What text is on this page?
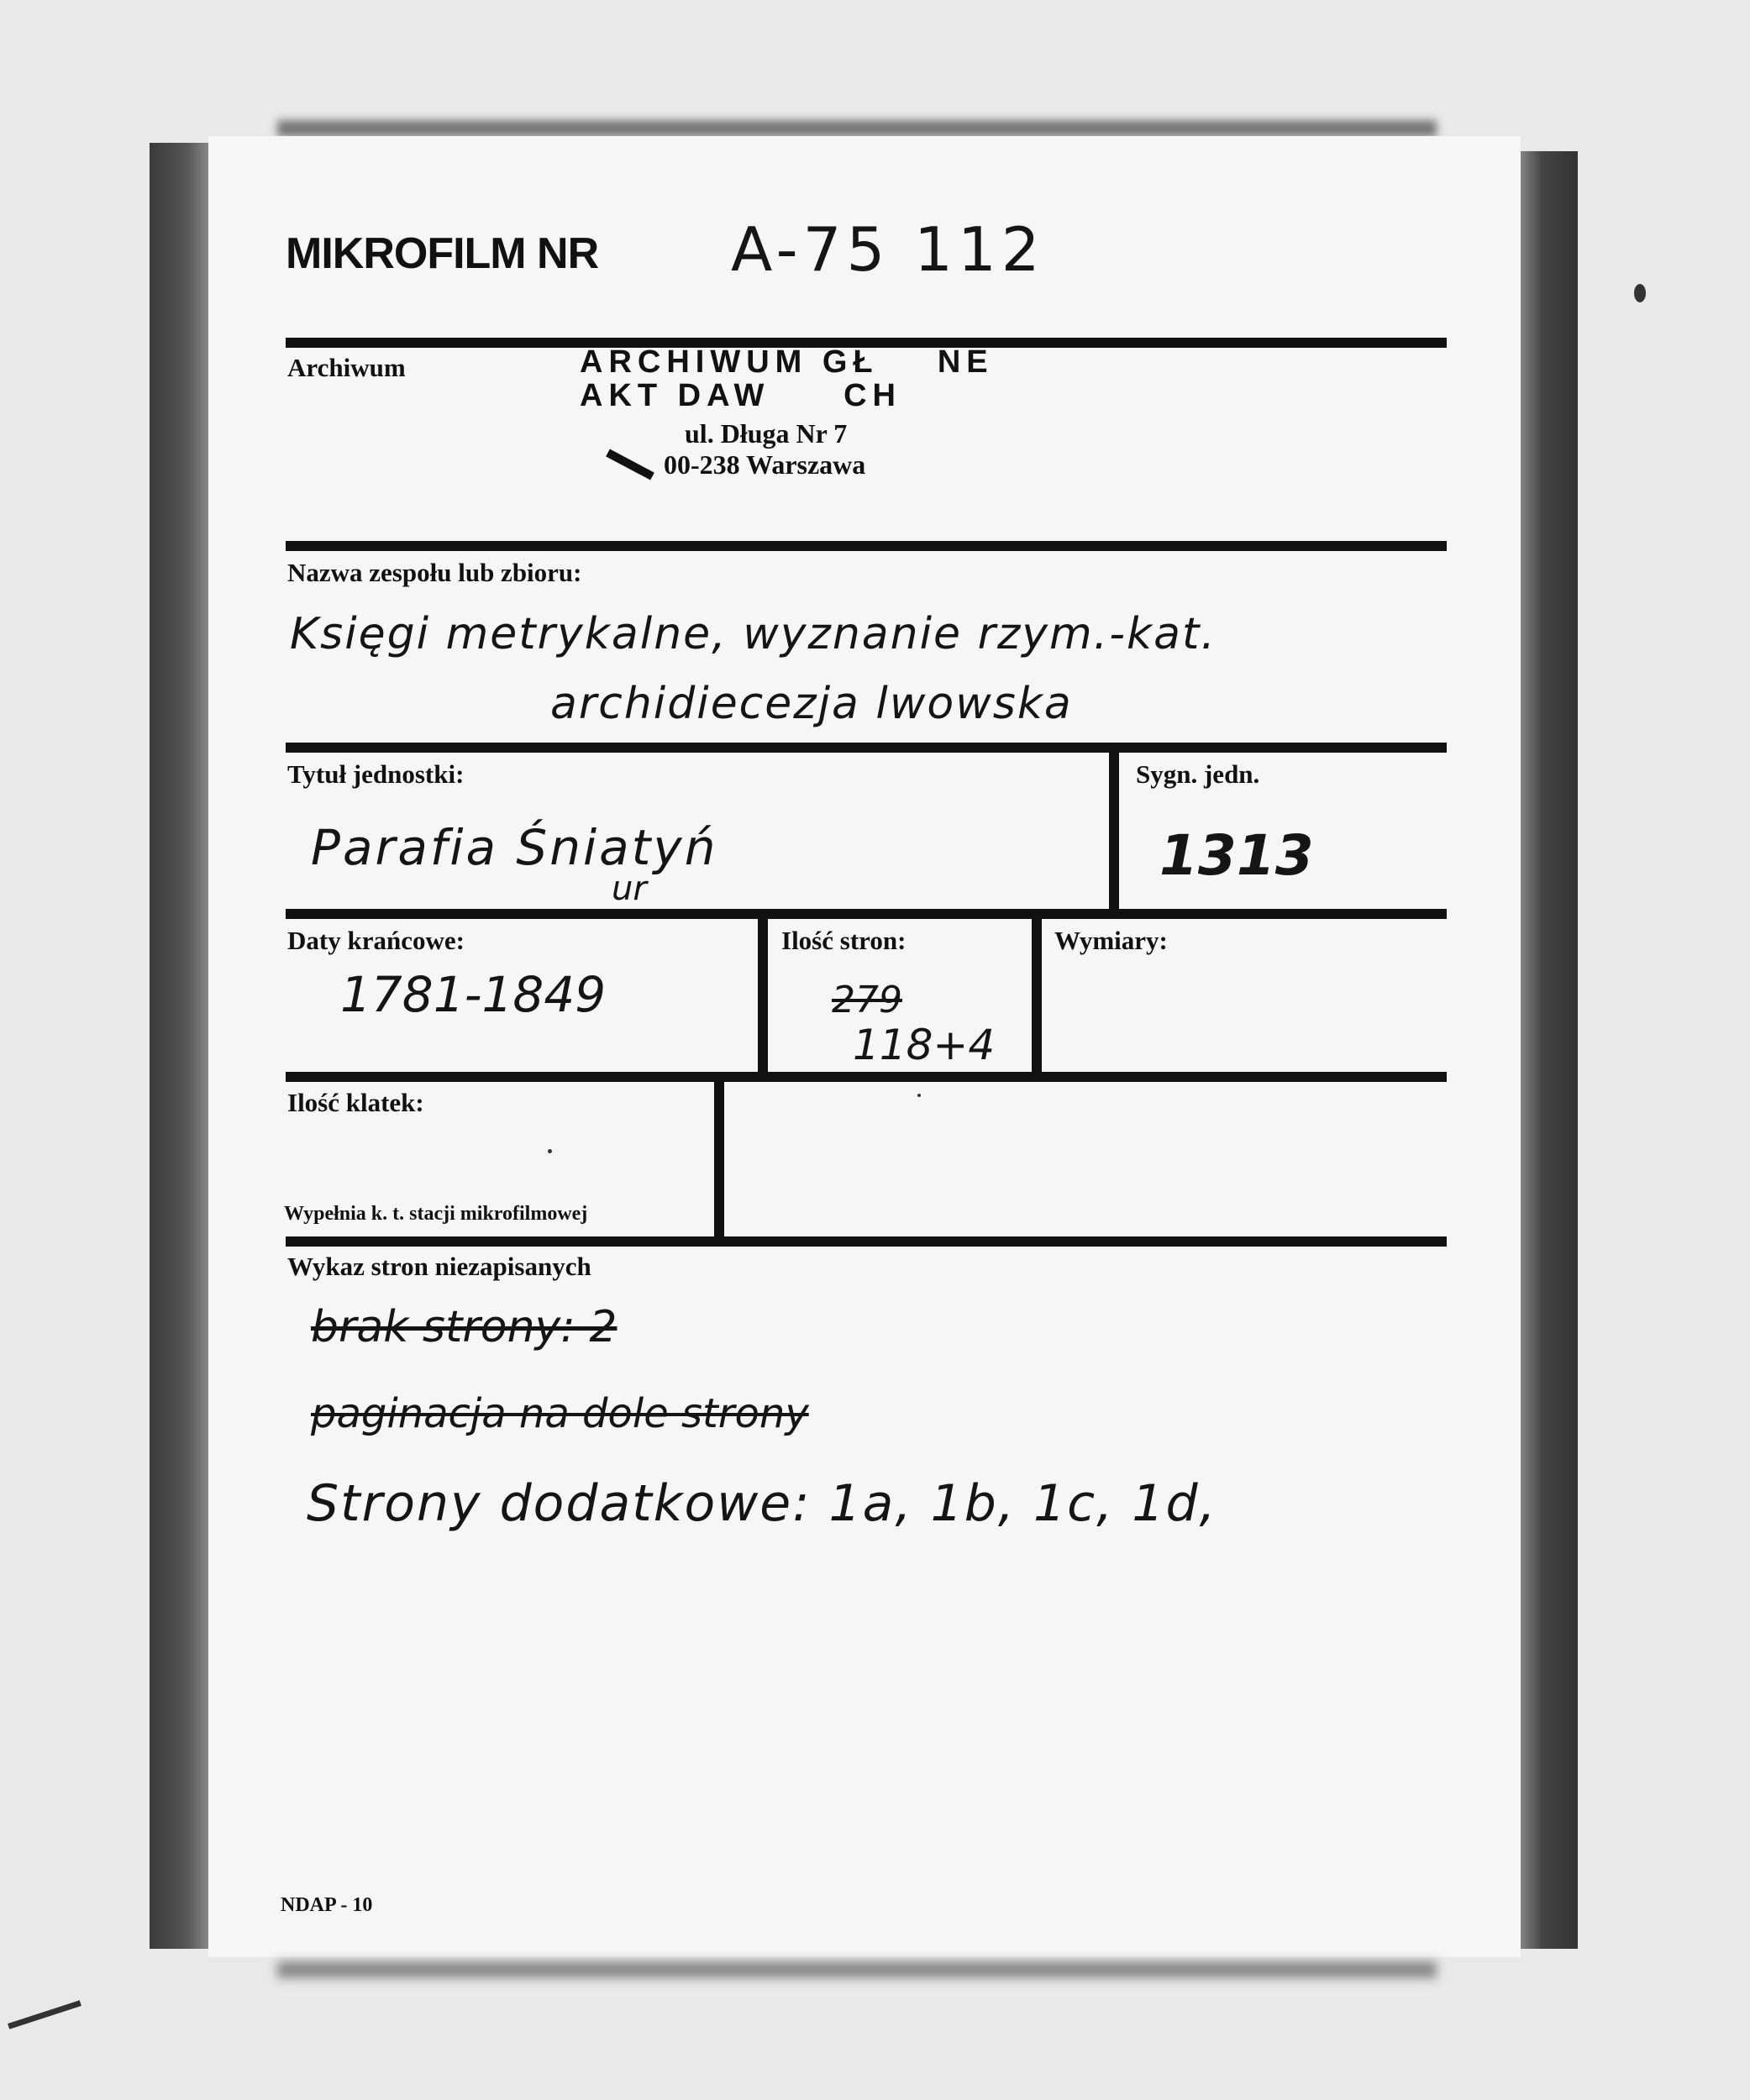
MIKROFILM NR A-75 112
Archiwum	ARCHIWUM GŁ    NE
AKT DAW     CH
ul. Długa Nr 7
00-238 Warszawa
Nazwa zespołu lub zbioru:
Księgi metrykalne, wyznanie rzym.-kat.
archidiecezja lwowska
Tytuł jednostki:
Parafia Śniatyń
ur
Sygn. jedn.
1313
Daty krańcowe:
1781-1849
Ilość stron:
279
118+4
Wymiary:
Ilość klatek:
Wypełnia k. t. stacji mikrofilmowej
Wykaz stron niezapisanych
brak strony: 2
paginacja na dole strony
Strony dodatkowe: 1a, 1b, 1c, 1d,
NDAP - 10
